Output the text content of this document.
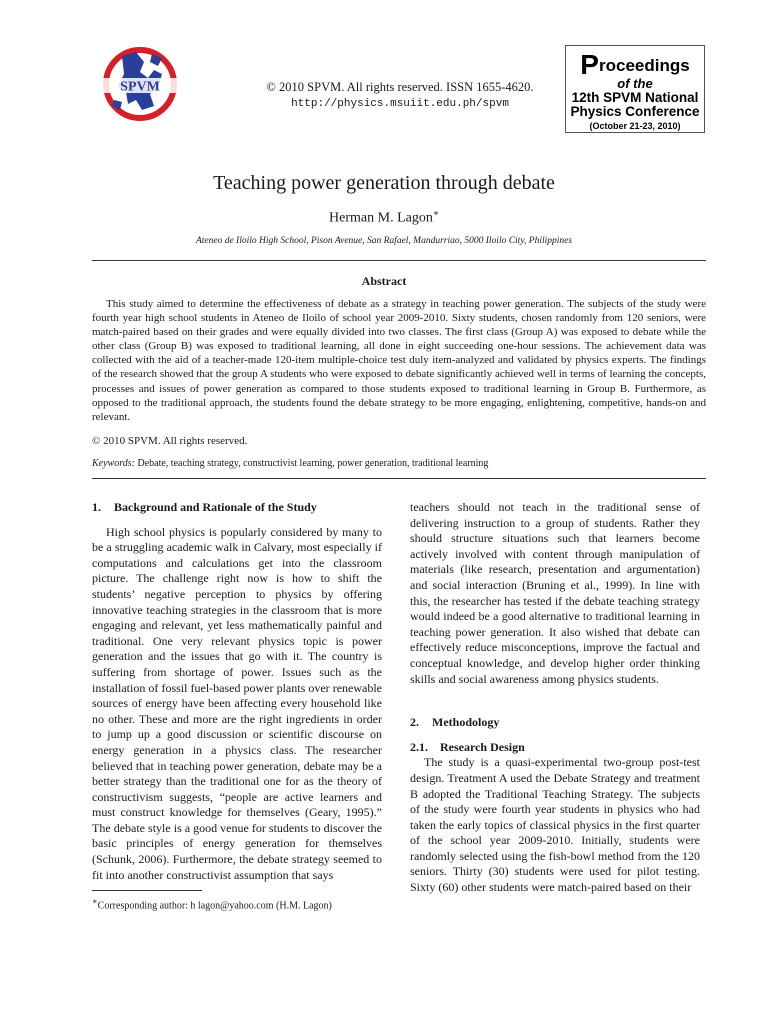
SPVM	© 2010 SPVM. All rights reserved. ISSN 1655-4620.
http://physics.msuiit.edu.ph/spvm
Proceedings
of the
12th SPVM National
Physics Conference
(October 21-23, 2010)
Teaching power generation through debate
Herman M. Lagon∗
Ateneo de Iloilo High School, Pison Avenue, San Rafael, Mandurriao, 5000 Iloilo City, Philippines
Abstract

This study aimed to determine the effectiveness of debate as a strategy in teaching power generation. The subjects of the study were fourth year high school students in Ateneo de Iloilo of school year 2009-2010. Sixty students, chosen randomly from 120 seniors, were match-paired based on their grades and were equally divided into two classes. The first class (Group A) was exposed to debate while the other class (Group B) was exposed to traditional learning, all done in eight succeeding one-hour sessions. The achievement data was collected with the aid of a teacher-made 120-item multiple-choice test duly item-analyzed and validated by physics experts. The findings of the research showed that the group A students who were exposed to debate significantly achieved well in terms of learning the concepts, processes and issues of power generation as compared to those students exposed to traditional learning in Group B. Furthermore, as opposed to the traditional approach, the students found the debate strategy to be more engaging, enlightening, competitive, hands-on and relevant.

© 2010 SPVM. All rights reserved.
Keywords: Debate, teaching strategy, constructivist learning, power generation, traditional learning
1. Background and Rationale of the Study

High school physics is popularly considered by many to be a struggling academic walk in Calvary, most especially if computations and calculations get into the classroom picture. The challenge right now is how to shift the students’ negative perception to physics by offering innovative teaching strategies in the classroom that is more engaging and relevant, yet less mathematically painful and traditional. One very relevant physics topic is power generation and the issues that go with it. The country is suffering from shortage of power. Issues such as the installation of fossil fuel-based power plants over renewable sources of energy have been affecting every household like no other. These and more are the right ingredients in order to jump up a good discussion or scientific discourse on energy generation in a physics class. The researcher believed that in teaching power generation, debate may be a better strategy than the traditional one for as the theory of constructivism suggests, “people are active learners and must construct knowledge for themselves (Geary, 1995).” The debate style is a good venue for students to discover the basic principles of energy generation for themselves (Schunk, 2006). Furthermore, the debate strategy seemed to fit into another constructivist assumption that says

teachers should not teach in the traditional sense of delivering instruction to a group of students. Rather they should structure situations such that learners become actively involved with content through manipulation of materials (like research, presentation and argumentation) and social interaction (Bruning et al., 1999). In line with this, the researcher has tested if the debate teaching strategy would indeed be a good alternative to traditional learning in teaching power generation. It also wished that debate can effectively reduce misconceptions, improve the factual and conceptual knowledge, and develop higher order thinking skills and social awareness among physics students.

2. Methodology
2.1. Research Design

The study is a quasi-experimental two-group post-test design. Treatment A used the Debate Strategy and treatment B adopted the Traditional Teaching Strategy. The subjects of the study were fourth year students in physics who had taken the early topics of classical physics in the first quarter of the school year 2009-2010. Initially, students were randomly selected using the fish-bowl method from the 120 seniors. Thirty (30) students were used for pilot testing. Sixty (60) other students were match-paired based on their

∗Corresponding author: h lagon@yahoo.com (H.M. Lagon)
